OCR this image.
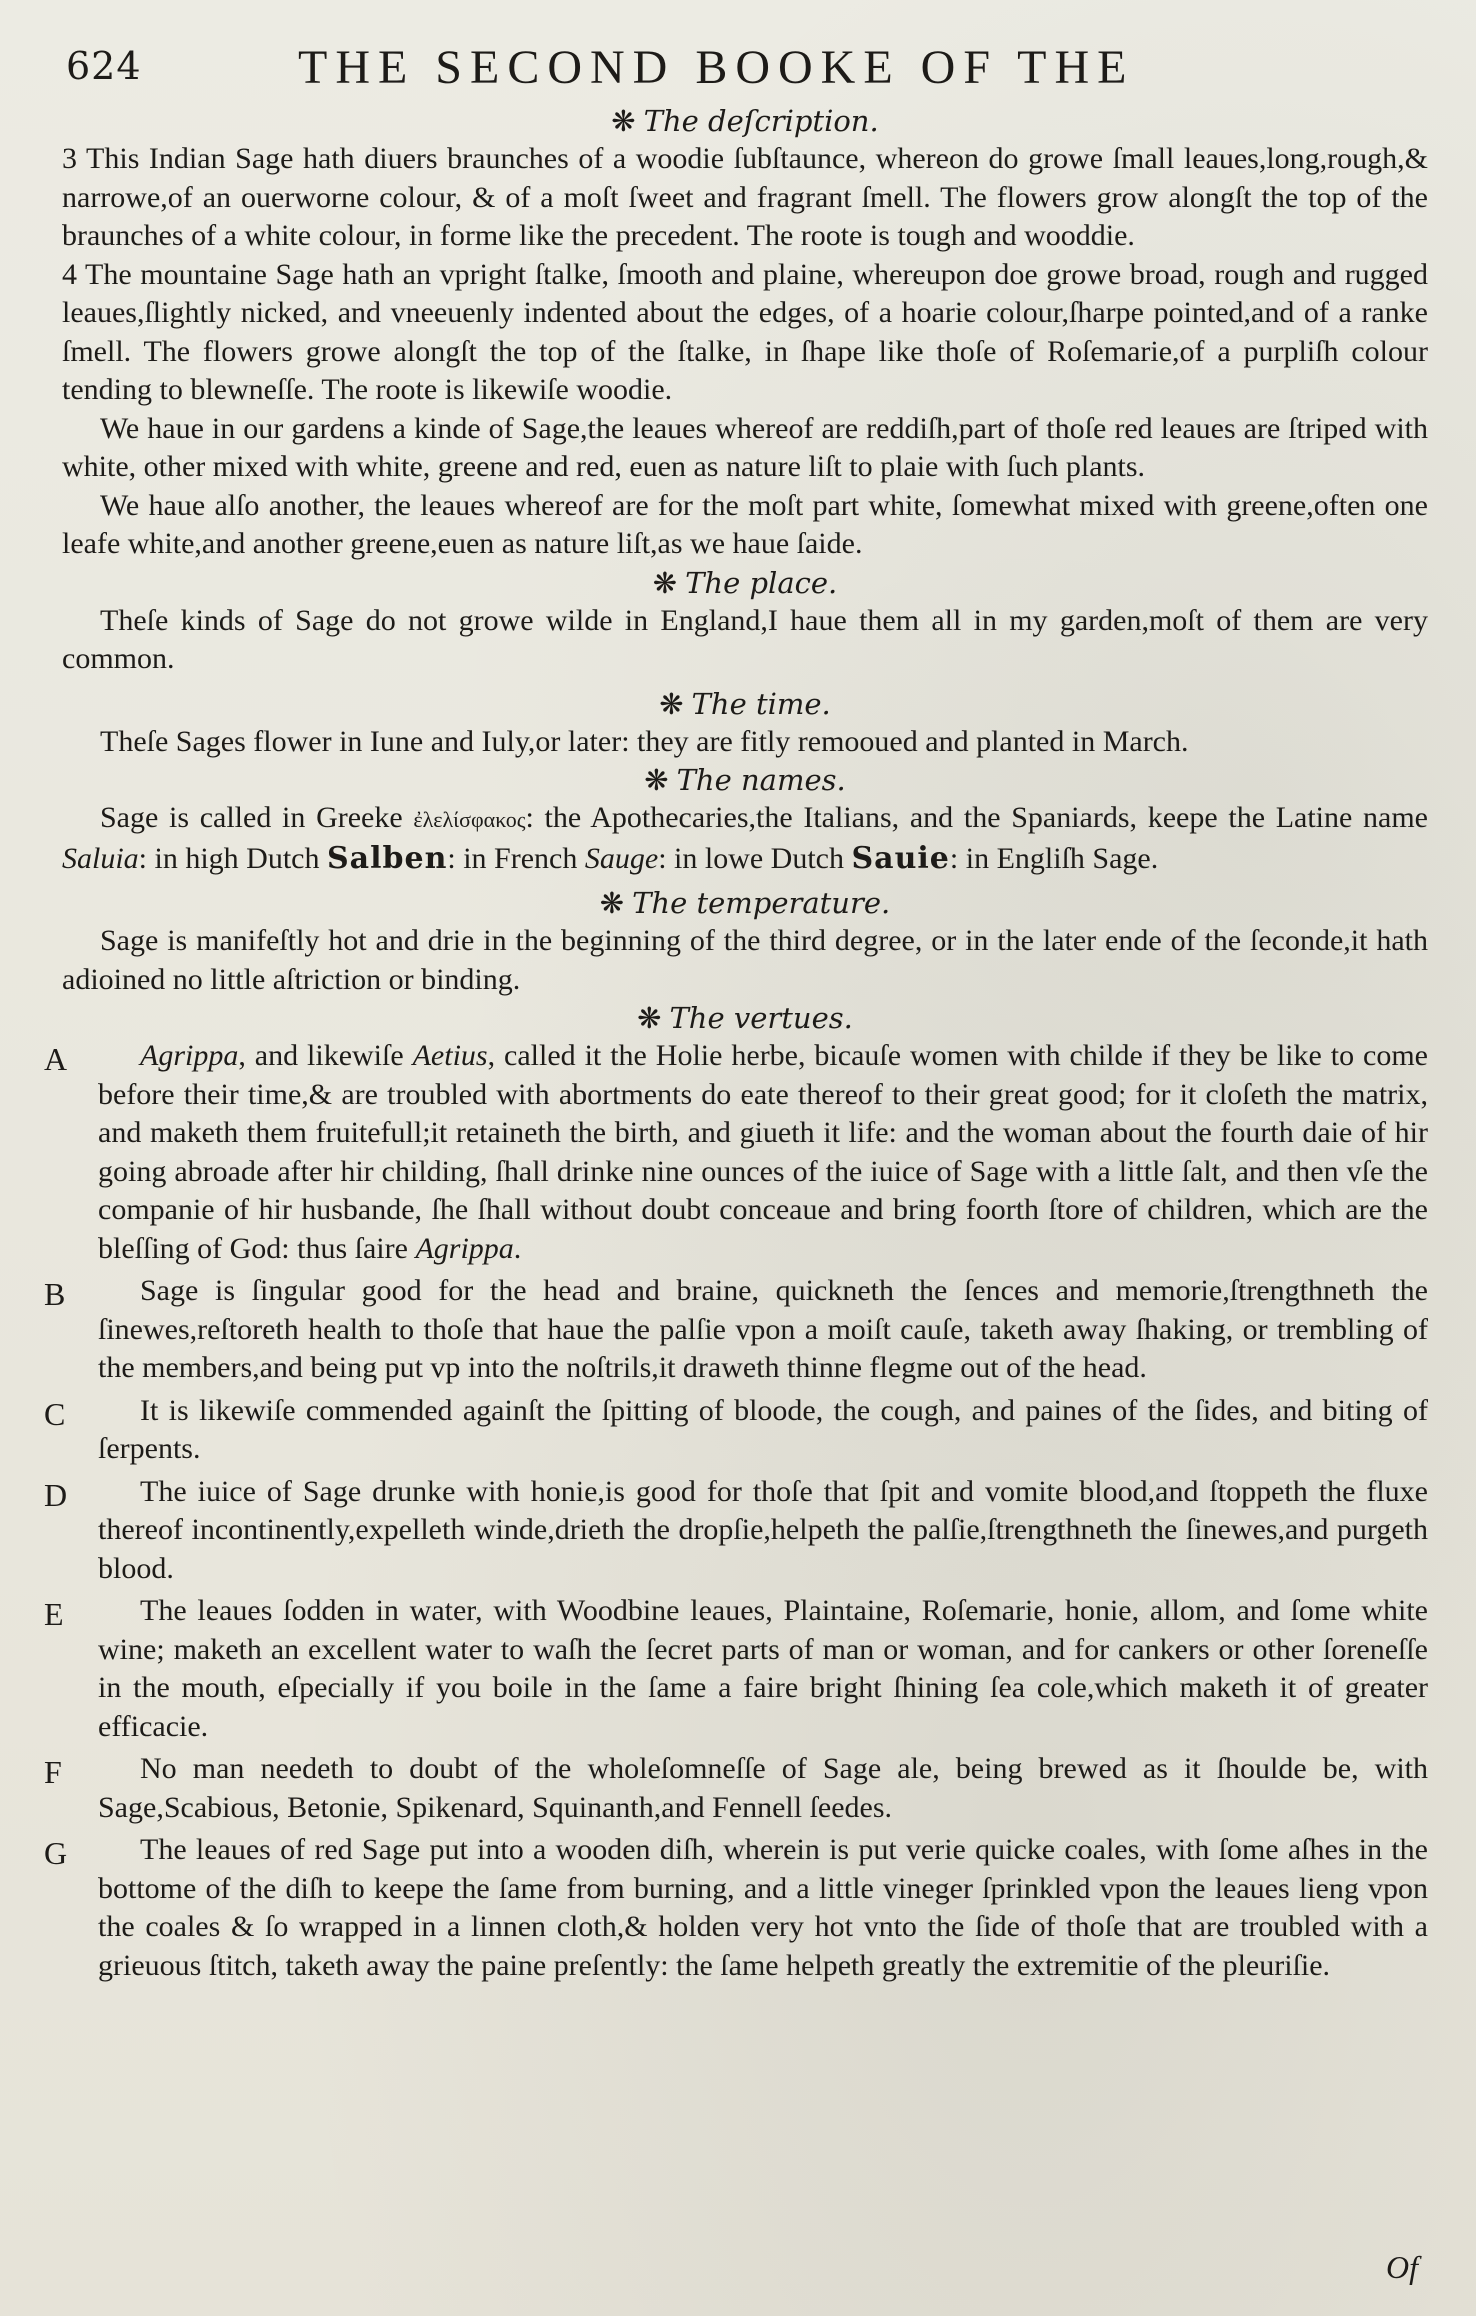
624	THE SECOND BOOKE OF THE
❋ The deſcription.

3 This Indian Sage hath diuers braunches of a woodie ſubſtaunce, whereon do growe ſmall leaues,long,rough,& narrowe,of an ouerworne colour, & of a moſt ſweet and fragrant ſmell. The flowers grow alongſt the top of the braunches of a white colour, in forme like the precedent. The roote is tough and wooddie.

4 The mountaine Sage hath an vpright ſtalke, ſmooth and plaine, whereupon doe growe broad, rough and rugged leaues,ſlightly nicked, and vneeuenly indented about the edges, of a hoarie colour,ſharpe pointed,and of a ranke ſmell. The flowers growe alongſt the top of the ſtalke, in ſhape like thoſe of Roſemarie,of a purpliſh colour tending to blewneſſe. The roote is likewiſe woodie.

We haue in our gardens a kinde of Sage,the leaues whereof are reddiſh,part of thoſe red leaues are ſtriped with white, other mixed with white, greene and red, euen as nature liſt to plaie with ſuch plants.

We haue alſo another, the leaues whereof are for the moſt part white, ſomewhat mixed with greene,often one leafe white,and another greene,euen as nature liſt,as we haue ſaide.

❋ The place.

Theſe kinds of Sage do not growe wilde in England,I haue them all in my garden,moſt of them are very common.

❋ The time.

Theſe Sages flower in Iune and Iuly,or later: they are fitly remooued and planted in March.

❋ The names.

Sage is called in Greeke ἐλελίσφακος: the Apothecaries,the Italians, and the Spaniards, keepe the Latine name Saluia: in high Dutch Salben: in French Sauge: in lowe Dutch Sauie: in Engliſh Sage.

❋ The temperature.

Sage is manifeſtly hot and drie in the beginning of the third degree, or in the later ende of the ſeconde,it hath adioined no little aſtriction or binding.

❋ The vertues.
A	Agrippa, and likewiſe Aetius, called it the Holie herbe, bicauſe women with childe if they be like to come before their time,& are troubled with abortments do eate thereof to their great good; for it cloſeth the matrix, and maketh them fruitefull;it retaineth the birth, and giueth it life: and the woman about the fourth daie of hir going abroade after hir childing, ſhall drinke nine ounces of the iuice of Sage with a little ſalt, and then vſe the companie of hir husbande, ſhe ſhall without doubt conceaue and bring foorth ſtore of children, which are the bleſſing of God: thus ſaire Agrippa.

B	Sage is ſingular good for the head and braine, quickneth the ſences and memorie,ſtrengthneth the ſinewes,reſtoreth health to thoſe that haue the palſie vpon a moiſt cauſe, taketh away ſhaking, or trembling of the members,and being put vp into the noſtrils,it draweth thinne flegme out of the head.

C	It is likewiſe commended againſt the ſpitting of bloode, the cough, and paines of the ſides, and biting of ſerpents.

D	The iuice of Sage drunke with honie,is good for thoſe that ſpit and vomite blood,and ſtoppeth the fluxe thereof incontinently,expelleth winde,drieth the dropſie,helpeth the palſie,ſtrengthneth the ſinewes,and purgeth blood.

E	The leaues ſodden in water, with Woodbine leaues, Plaintaine, Roſemarie, honie, allom, and ſome white wine; maketh an excellent water to waſh the ſecret parts of man or woman, and for cankers or other ſoreneſſe in the mouth, eſpecially if you boile in the ſame a faire bright ſhining ſea cole,which maketh it of greater efficacie.

F	No man needeth to doubt of the wholeſomneſſe of Sage ale, being brewed as it ſhoulde be, with Sage,Scabious, Betonie, Spikenard, Squinanth,and Fennell ſeedes.

G	The leaues of red Sage put into a wooden diſh, wherein is put verie quicke coales, with ſome aſhes in the bottome of the diſh to keepe the ſame from burning, and a little vineger ſprinkled vpon the leaues lieng vpon the coales & ſo wrapped in a linnen cloth,& holden very hot vnto the ſide of thoſe that are troubled with a grieuous ſtitch, taketh away the paine preſently: the ſame helpeth greatly the extremitie of the pleuriſie.

Of
